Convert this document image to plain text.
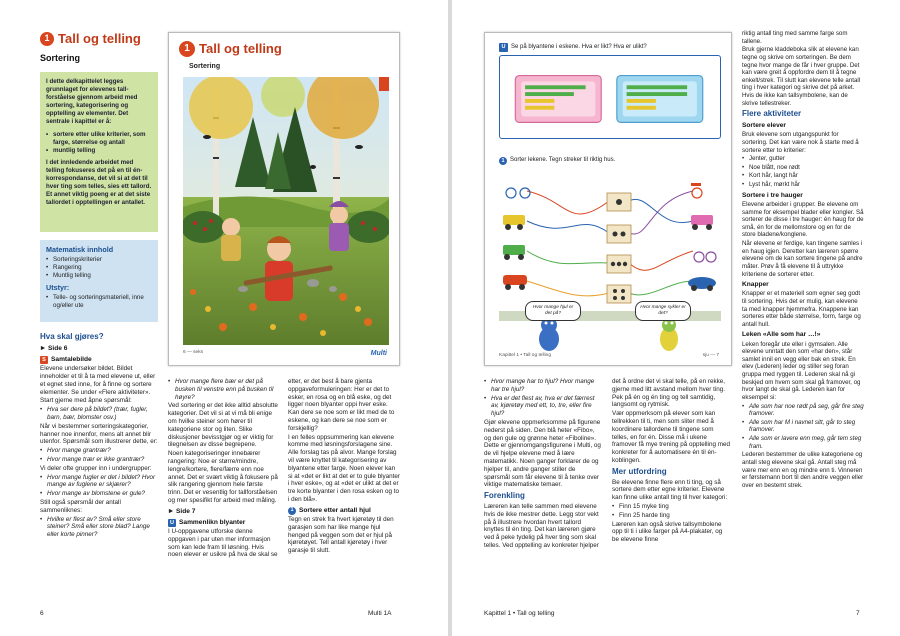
1 Tall og telling
Sortering

I dette delkapittelet legges grunnlaget for elevenes tall-forståelse gjennom arbeid med sortering, kategorisering og opptelling av elementer. Det sentrale i kapittel er å:

• sortere etter ulike kriterier, som farge, størrelse og antall
• muntlig telling

I det innledende arbeidet med telling fokuseres det på en til én-korrespondanse, det vil si at det til hver ting som telles, sies ett tallord. Et annet viktig poeng er at det siste tallordet i opptellingen er antallet.

Matematisk innhold
• Sorteringskriterier
• Rangering
• Muntlig telling
Utstyr:
• Telle- og sorteringsmateriell, inne og/eller ute
1 Tall og telling
Sortering
6 — seks	Multi
Hva skal gjøres?
► Side 6
S Samtalebilde

Elevene undersøker bildet. Bildet inneholder et til å ta med elevene ut, eller et egnet sted inne, for å finne og sortere elementer. Se under «Flere aktiviteter».

Start gjerne med åpne spørsmål:

• Hva ser dere på bildet? (trær, fugler, barn, bær, blomster osv.)

Når vi bestemmer sorteringskategorier, hanner noe innenfor, mens alt annet blir utenfor. Spørsmål som illustrerer dette, er:

• Hvor mange grantrær?

• Hvor mange trær er ikke grantrær?

Vi deler ofte grupper inn i undergrupper:

• Hvor mange fugler er det i bildet? Hvor mange av fuglene er skjærer?

• Hvor mange av blomstene er gule?

Still også spørsmål der antall sammenliknes:

• Hvilke er flest av? Små eller store steiner? Små eller store blad? Lange eller korte pinner?

• Hvor mange flere bær er det på busken til venstre enn på busken til høyre?

Ved sortering er det ikke alltid absolutte kategorier. Det vil si at vi må bli enige om hvilke steiner som hører til kategoriene stor og liten. Slike diskusjoner bevisstgjør og er viktig for tilegnelsen av disse begrepene.

Noen kategoriseringer innebærer rangering: Noe er større/mindre, lengre/kortere, flere/færre enn noe annet. Det er svært viktig å fokusere på slik rangering gjennom hele første trinn. Det er vesentlig for tallforståelsen og mer spesifikt for arbeid med måling.

► Side 7
U Sammenlikn blyanter

I U-oppgavene utforske denne oppgaven i par uten mer informasjon som kan lede fram til løsning. Hvis noen elever er usikre på hva de skal se

etter, er det best å bare gjenta oppgaveformuleringen: Her er det to esker, en rosa og en blå eske, og det ligger noen blyanter oppi hver eske. Kan dere se noe som er likt med de to eskene, og kan dere se noe som er forskjellig?

I en felles oppsummering kan elevene komme med løsningsforslagene sine. Alle forslag tas på alvor. Mange forslag vil være knyttet til kategorisering av blyantene etter farge. Noen elever kan si at «det er likt at det er to gule blyanter i hver eske», og at «det er ulikt at det er tre korte blyanter i den rosa esken og to i den blå».

1 Sortere etter antall hjul

Tegn en strek fra hvert kjøretøy til den garasjen som har like mange hjul henged på veggen som det er hjul på kjøretøyet. Tell antall kjøretøy i hver garasje til slutt.

6	Multi 1A
U Se på blyantene i eskene. Hva er likt? Hva er ulikt?
1 Sorter lekene. Tegn streker til riktig hus.
Hvor mange hjul er det på?
Hvor mange sykler er det?
Kapittel 1 • Tall og telling	sju — 7

• Hvor mange har to hjul? Hvor mange har tre hjul?

• Hva er det flest av, hva er det færrest av, kjøretøy med ett, to, tre, eller fire hjul?

Gjør elevene oppmerksomme på figurene nederst på siden. Den blå heter «Fibo», og den gule og grønne heter «Fiboline». Dette er gjennomgangsfigurene i Multi, og de vil hjelpe elevene med å lære matematikk. Noen ganger forklarer de og hjelper til, andre ganger stiller de spørsmål som får elevene til å tenke over viktige matematiske temaer.

Forenkling

Læreren kan telle sammen med elevene hvis de ikke mestrer dette. Legg stor vekt på å illustrere hvordan hvert tallord knyttes til én ting. Det kan læreren gjøre ved å peke tydelig på hver ting som skal telles. Ved opptelling av konkreter hjelper

det å ordne det vi skal telle, på en rekke, gjerne med litt avstand mellom hver ting. Pek på én og én ting og tell samtidig, langsomt og rytmisk.

Vær oppmerksom på elever som kan tellrekken til ti, men som sliter med å koordinere tallordene til tingene som telles, en for én. Disse må i ukene framover få mye trening på opptelling med konkreter for å automatisere én til én-koblingen.

Mer utfordring

Be elevene finne flere enn ti ting, og så sortere dem etter egne kriterier. Elevene kan finne ulike antall ting til hver kategori:

• Finn 15 myke ting

• Finn 25 harde ting

Læreren kan også skrive tallsymbolene opp til ti i ulike farger på A4-plakater, og be elevene finne

riktig antall ting med samme farge som tallene.

Bruk gjerne kladdeboka slik at elevene kan tegne og skrive om sorteringen. Be dem tegne hvor mange de får i hver gruppe. Det kan være greit å oppfordre dem til å tegne enkelt/strek. Til slutt kan elevene telle antall ting i hver kategori og skrive det på arket. Hvis de ikke kan tallsymbolene, kan de skrive tellestreker.

Flere aktiviteter
Sortere elever

Bruk elevene som utgangspunkt for sortering. Det kan være nok å starte med å sortere etter to kriterier:

• Jenter, gutter

• Noe blått, noe rødt

• Kort hår, langt hår

• Lyst hår, mørkt hår

Sortere i tre hauger

Elevene arbeider i grupper. Be elevene om samme for eksempel blader eller kongler. Så sorterer de disse i tre hauger: én haug for de små, én for de mellomstore og en for de store bladene/konglene.

Når elevene er ferdige, kan tingene samles i en haug igjen. Deretter kan læreren spørre elevene om de kan sortere tingene på andre måter. Prøv å få elevene til å uttrykke kriteriene de sorterer etter.

Knapper

Knapper er et materiell som egner seg godt til sortering. Hvis det er mulig, kan elevene ta med knapper hjemmefra. Knappene kan sorteres etter både størrelse, form, farge og antall hull.

Leken «Alle som har …!»

Leken foregår ute eller i gymsalen. Alle elevene unntatt den som «har den», står samlet innil en vegg eller bak en strek. En elev (Lederen) leder og stiller seg foran gruppa med ryggen til. Lederen skal nå gi beskjed om hvem som skal gå framover, og hvor langt de skal gå. Lederen kan for eksempel si:

• Alle som har noe rødt på seg, går fire steg framover.

• Alle som har M i navnet sitt, går to steg framover.

• Alle som er lavere enn meg, går tem steg fram.

Lederen bestemmer de ulike kategoriene og antall steg elevene skal gå. Antall steg må være mer enn en og mindre enn ti. Vinneren er førstemann bort til den andre veggen eller over en bestemt strek.

Kapittel 1 • Tall og telling	7
